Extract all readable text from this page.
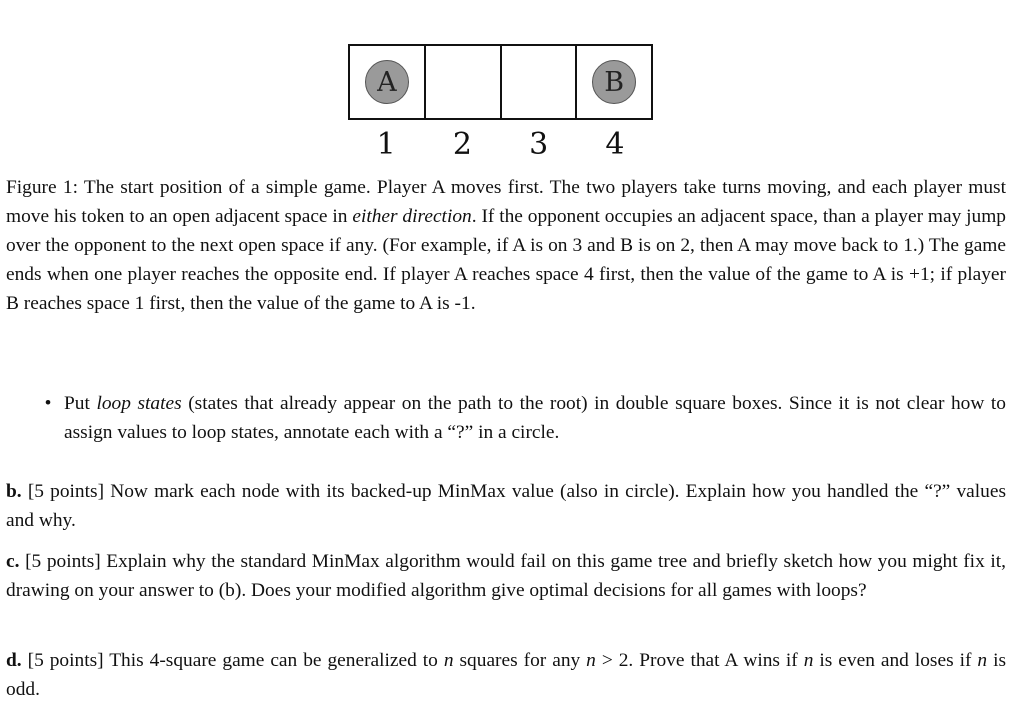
A	B
1	2	3	4
Figure 1: The start position of a simple game. Player A moves first. The two players take turns moving, and each player must move his token to an open adjacent space in either direction. If the opponent occupies an adjacent space, than a player may jump over the opponent to the next open space if any. (For example, if A is on 3 and B is on 2, then A may move back to 1.) The game ends when one player reaches the opposite end. If player A reaches space 4 first, then the value of the game to A is +1; if player B reaches space 1 first, then the value of the game to A is -1.
• Put loop states (states that already appear on the path to the root) in double square boxes. Since it is not clear how to assign values to loop states, annotate each with a “?” in a circle.
b. [5 points] Now mark each node with its backed-up MinMax value (also in circle). Explain how you handled the “?” values and why.
c. [5 points] Explain why the standard MinMax algorithm would fail on this game tree and briefly sketch how you might fix it, drawing on your answer to (b). Does your modified algorithm give optimal decisions for all games with loops?
d. [5 points] This 4-square game can be generalized to n squares for any n > 2. Prove that A wins if n is even and loses if n is odd.
